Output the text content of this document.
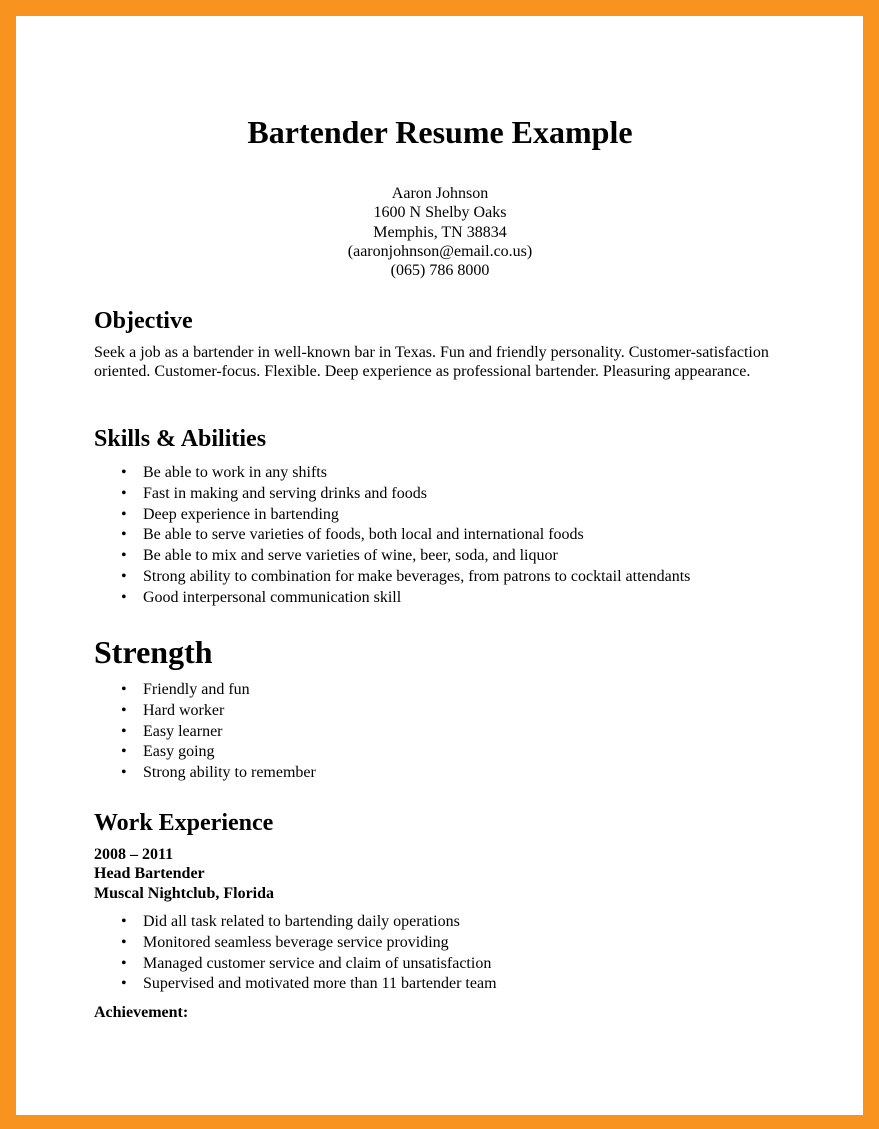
Bartender Resume Example
Aaron Johnson
1600 N Shelby Oaks
Memphis, TN 38834
(aaronjohnson@email.co.us)
(065) 786 8000
Objective

Seek a job as a bartender in well-known bar in Texas. Fun and friendly personality. Customer-satisfaction oriented. Customer-focus. Flexible. Deep experience as professional bartender. Pleasuring appearance.

Skills & Abilities
• Be able to work in any shifts
• Fast in making and serving drinks and foods
• Deep experience in bartending
• Be able to serve varieties of foods, both local and international foods
• Be able to mix and serve varieties of wine, beer, soda, and liquor
• Strong ability to combination for make beverages, from patrons to cocktail attendants
• Good interpersonal communication skill
Strength
• Friendly and fun
• Hard worker
• Easy learner
• Easy going
• Strong ability to remember
Work Experience
2008 – 2011
Head Bartender
Muscal Nightclub, Florida
• Did all task related to bartending daily operations
• Monitored seamless beverage service providing
• Managed customer service and claim of unsatisfaction
• Supervised and motivated more than 11 bartender team
Achievement:
